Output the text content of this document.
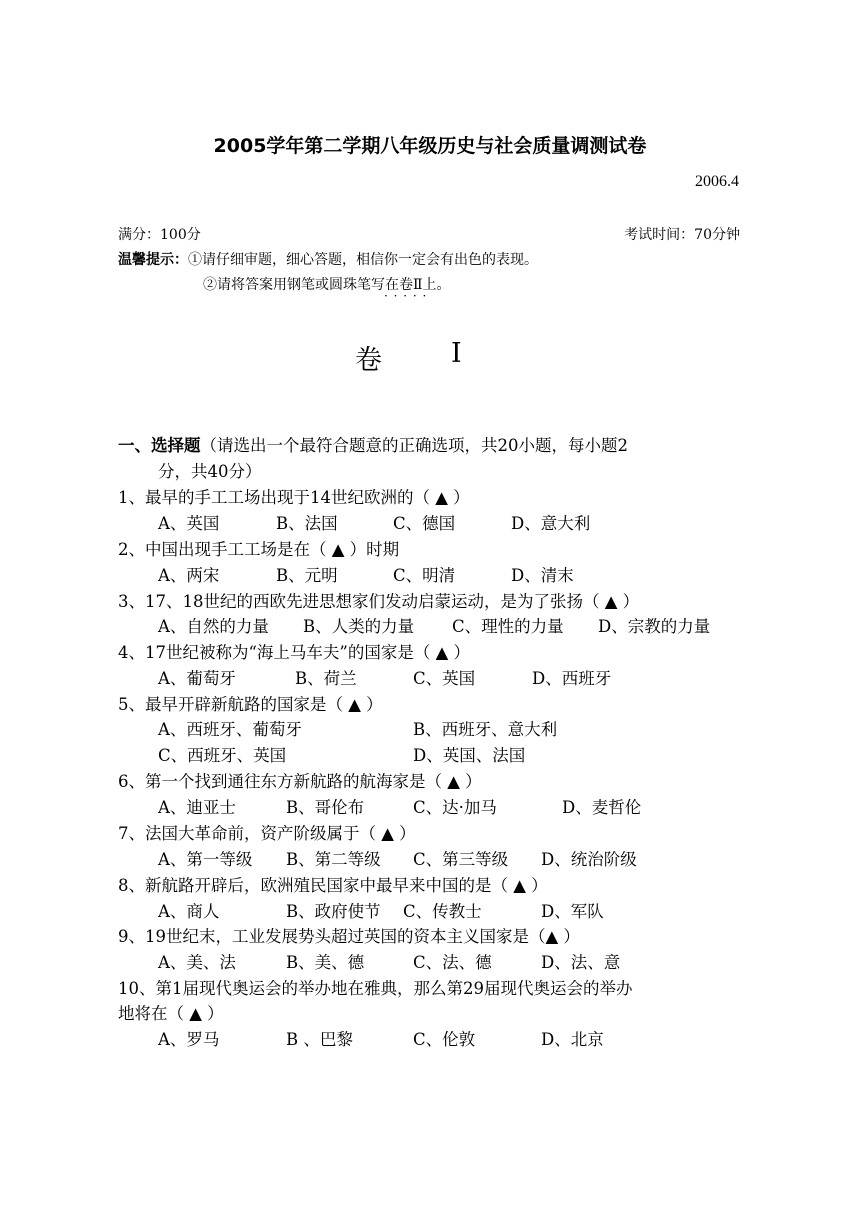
2005学年第二学期八年级历史与社会质量调测试卷
2006.4
满分：100分	考试时间：70分钟
温馨提示：①请仔细审题，细心答题，相信你一定会有出色的表现。
②请将答案用钢笔或圆珠笔写在卷Ⅱ上 · · ·。
卷	Ⅰ
一、选择题（请选出一个最符合题意的正确选项，共20小题，每小题2
分，共40分）
1、最早的手工工场出现于14世纪欧洲的（ ▲ ）
A、英国	B、法国	C、德国	D、意大利
2、中国出现手工工场是在（ ▲ ）时期
A、两宋	B、元明	C、明清	D、清末
3、17、18世纪的西欧先进思想家们发动启蒙运动，是为了张扬（ ▲ ）
A、自然的力量 B、人类的力量 C、理性的力量 D、宗教的力量
4、17世纪被称为“海上马车夫”的国家是（ ▲ ）
A、葡萄牙	B、荷兰	C、英国	D、西班牙
5、最早开辟新航路的国家是（ ▲ ）
A、西班牙、葡萄牙	B、西班牙、意大利
C、西班牙、英国	D、英国、法国
6、第一个找到通往东方新航路的航海家是（ ▲ ）
A、迪亚士	B、哥伦布	C、达·加马	D、麦哲伦
7、法国大革命前，资产阶级属于（ ▲ ）
A、第一等级 B、第二等级 C、第三等级 D、统治阶级
8、新航路开辟后，欧洲殖民国家中最早来中国的是（ ▲ ）
A、商人	B、政府使节 C、传教士	D、军队
9、19世纪末，工业发展势头超过英国的资本主义国家是（▲ ）
A、美、法	B、美、德	C、法、德	D、法、意
10、第1届现代奥运会的举办地在雅典，那么第29届现代奥运会的举办
地将在（ ▲ ）
A、罗马	B 、巴黎	C、伦敦	D、北京
